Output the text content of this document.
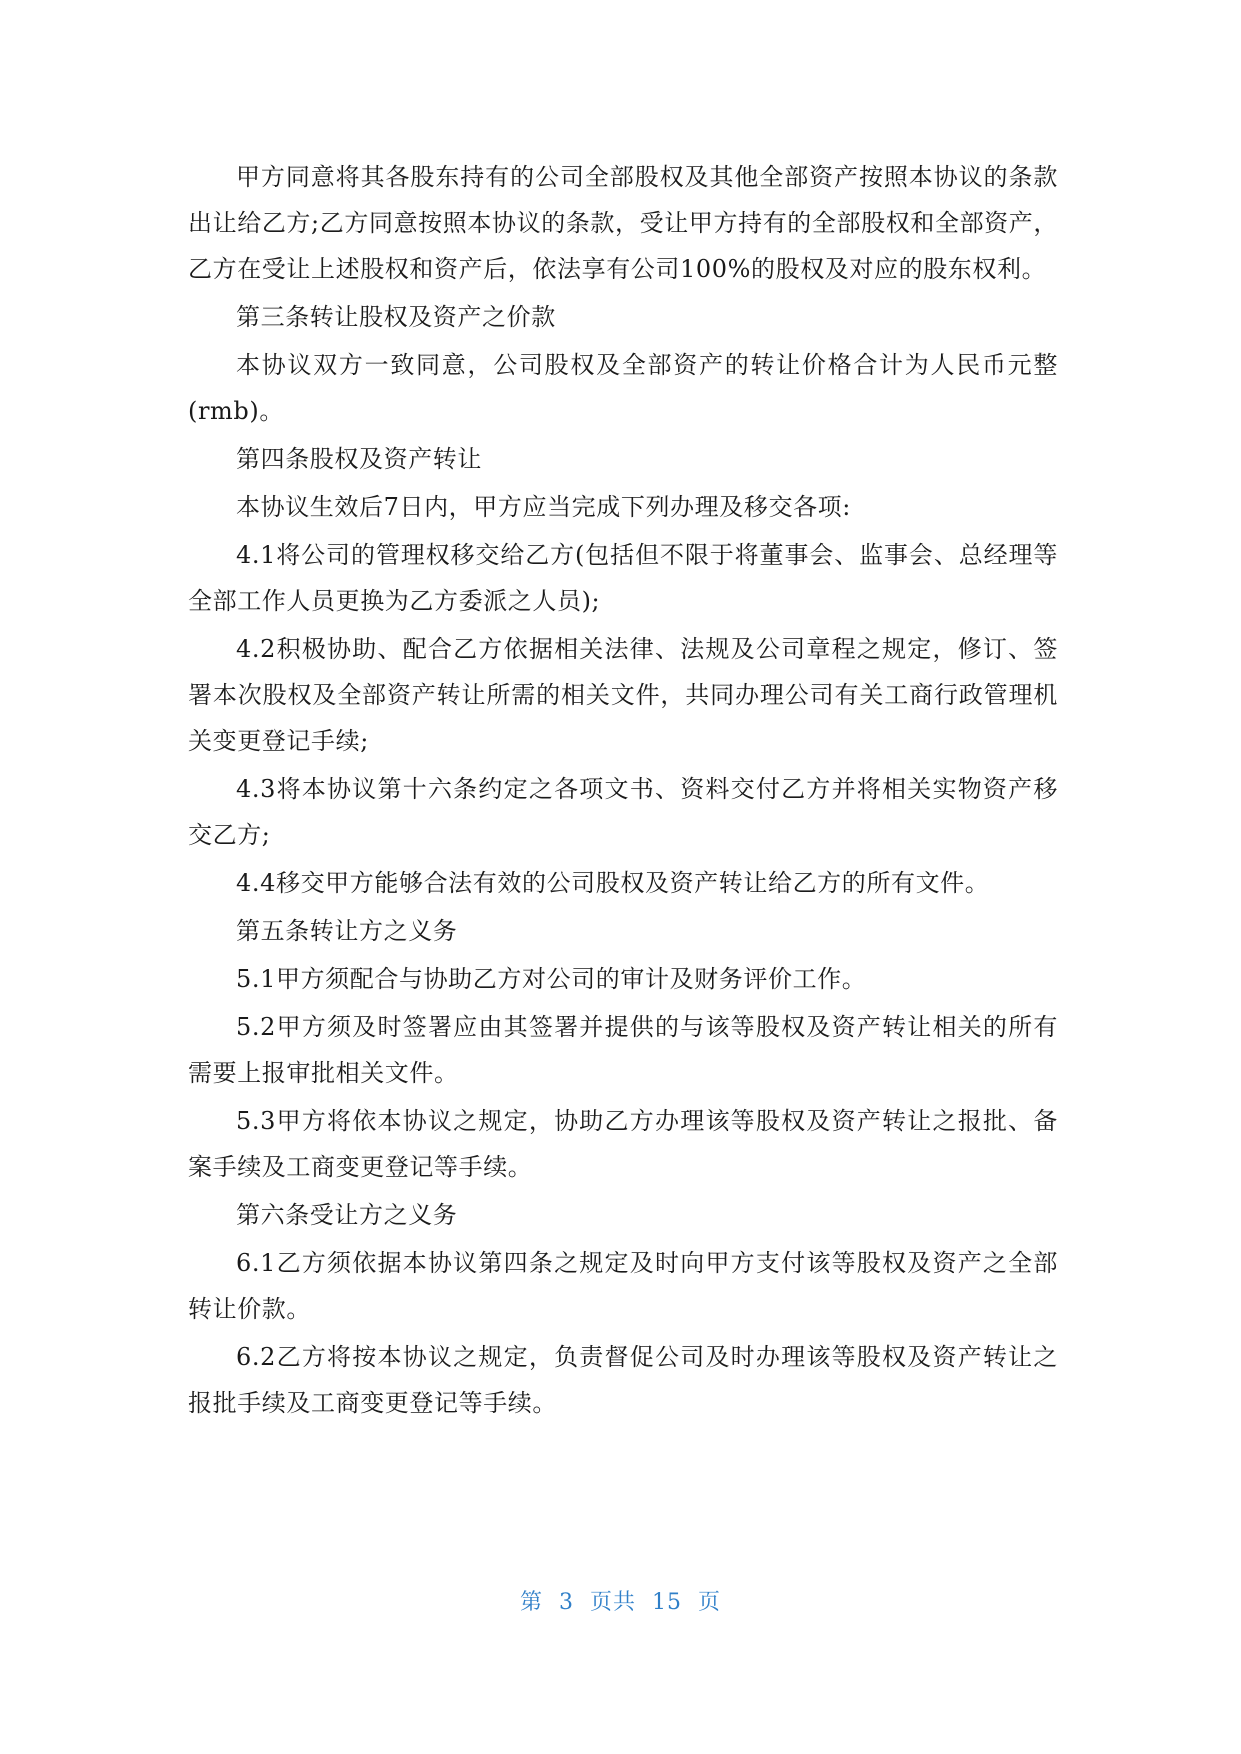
甲方同意将其各股东持有的公司全部股权及其他全部资产按照本协议的条款出让给乙方;乙方同意按照本协议的条款，受让甲方持有的全部股权和全部资产，乙方在受让上述股权和资产后，依法享有公司100%的股权及对应的股东权利。

第三条转让股权及资产之价款

本协议双方一致同意，公司股权及全部资产的转让价格合计为人民币元整(rmb)。

第四条股权及资产转让

本协议生效后7日内，甲方应当完成下列办理及移交各项:

4.1将公司的管理权移交给乙方(包括但不限于将董事会、监事会、总经理等全部工作人员更换为乙方委派之人员);

4.2积极协助、配合乙方依据相关法律、法规及公司章程之规定，修订、签署本次股权及全部资产转让所需的相关文件，共同办理公司有关工商行政管理机关变更登记手续;

4.3将本协议第十六条约定之各项文书、资料交付乙方并将相关实物资产移交乙方;

4.4移交甲方能够合法有效的公司股权及资产转让给乙方的所有文件。

第五条转让方之义务

5.1甲方须配合与协助乙方对公司的审计及财务评价工作。

5.2甲方须及时签署应由其签署并提供的与该等股权及资产转让相关的所有需要上报审批相关文件。

5.3甲方将依本协议之规定，协助乙方办理该等股权及资产转让之报批、备案手续及工商变更登记等手续。

第六条受让方之义务

6.1乙方须依据本协议第四条之规定及时向甲方支付该等股权及资产之全部转让价款。

6.2乙方将按本协议之规定，负责督促公司及时办理该等股权及资产转让之报批手续及工商变更登记等手续。

第 3 页共 15 页
